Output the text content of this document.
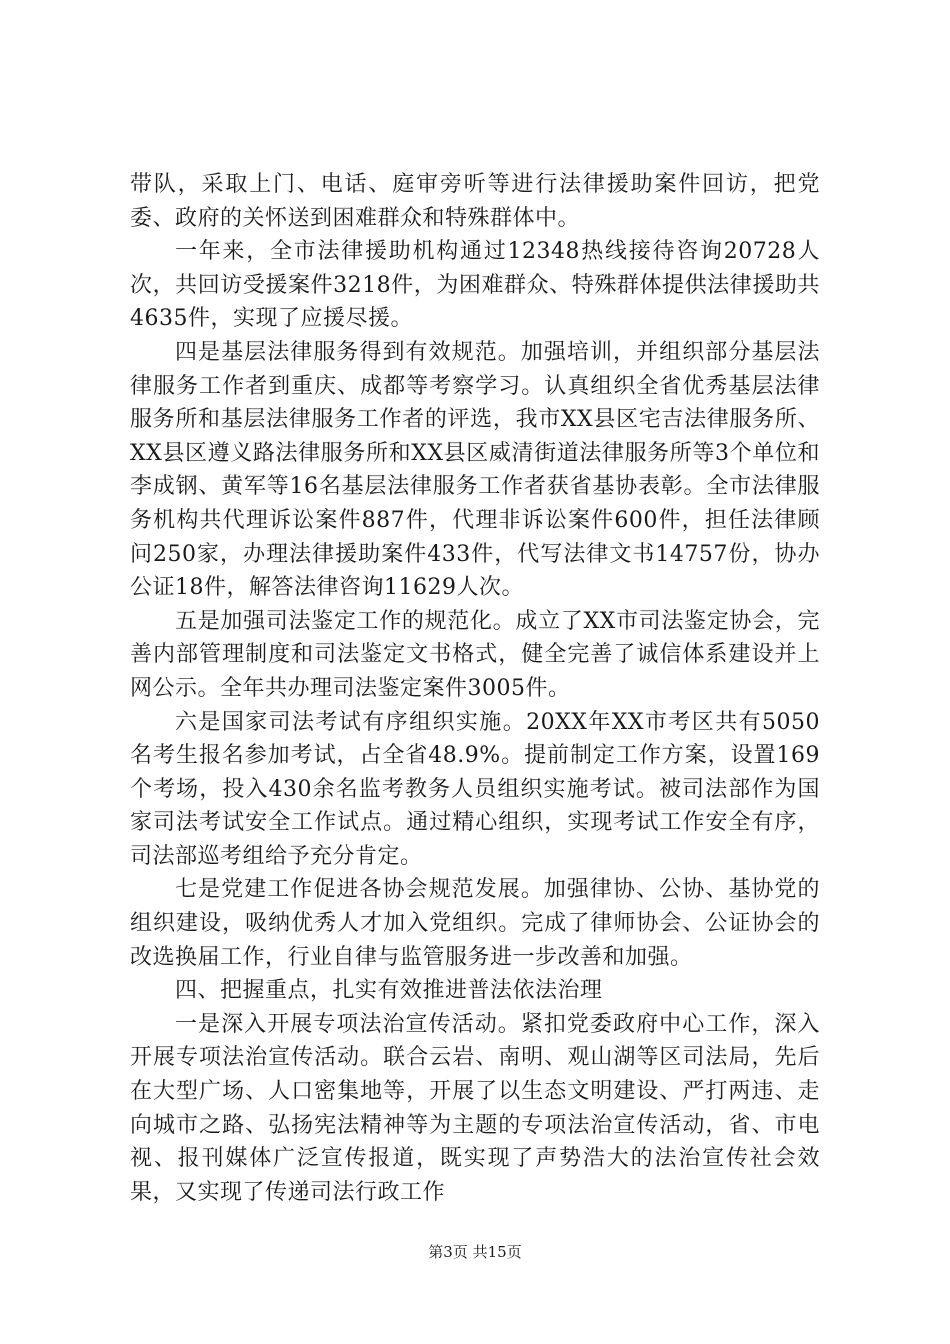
带队，采取上门、电话、庭审旁听等进行法律援助案件回访，把党委、政府的关怀送到困难群众和特殊群体中。

一年来，全市法律援助机构通过12348热线接待咨询20728人次，共回访受援案件3218件，为困难群众、特殊群体提供法律援助共4635件，实现了应援尽援。

四是基层法律服务得到有效规范。加强培训，并组织部分基层法律服务工作者到重庆、成都等考察学习。认真组织全省优秀基层法律服务所和基层法律服务工作者的评选，我市XX县区宅吉法律服务所、XX县区遵义路法律服务所和XX县区威清街道法律服务所等3个单位和李成钢、黄军等16名基层法律服务工作者获省基协表彰。全市法律服务机构共代理诉讼案件887件，代理非诉讼案件600件，担任法律顾问250家，办理法律援助案件433件，代写法律文书14757份，协办公证18件，解答法律咨询11629人次。

五是加强司法鉴定工作的规范化。成立了XX市司法鉴定协会，完善内部管理制度和司法鉴定文书格式，健全完善了诚信体系建设并上网公示。全年共办理司法鉴定案件3005件。

六是国家司法考试有序组织实施。20XX年XX市考区共有5050名考生报名参加考试，占全省48.9%。提前制定工作方案，设置169个考场，投入430余名监考教务人员组织实施考试。被司法部作为国家司法考试安全工作试点。通过精心组织，实现考试工作安全有序，司法部巡考组给予充分肯定。

七是党建工作促进各协会规范发展。加强律协、公协、基协党的组织建设，吸纳优秀人才加入党组织。完成了律师协会、公证协会的改选换届工作，行业自律与监管服务进一步改善和加强。

四、把握重点，扎实有效推进普法依法治理

一是深入开展专项法治宣传活动。紧扣党委政府中心工作，深入开展专项法治宣传活动。联合云岩、南明、观山湖等区司法局，先后在大型广场、人口密集地等，开展了以生态文明建设、严打两违、走向城市之路、弘扬宪法精神等为主题的专项法治宣传活动，省、市电视、报刊媒体广泛宣传报道，既实现了声势浩大的法治宣传社会效果，又实现了传递司法行政工作

第3页 共15页
